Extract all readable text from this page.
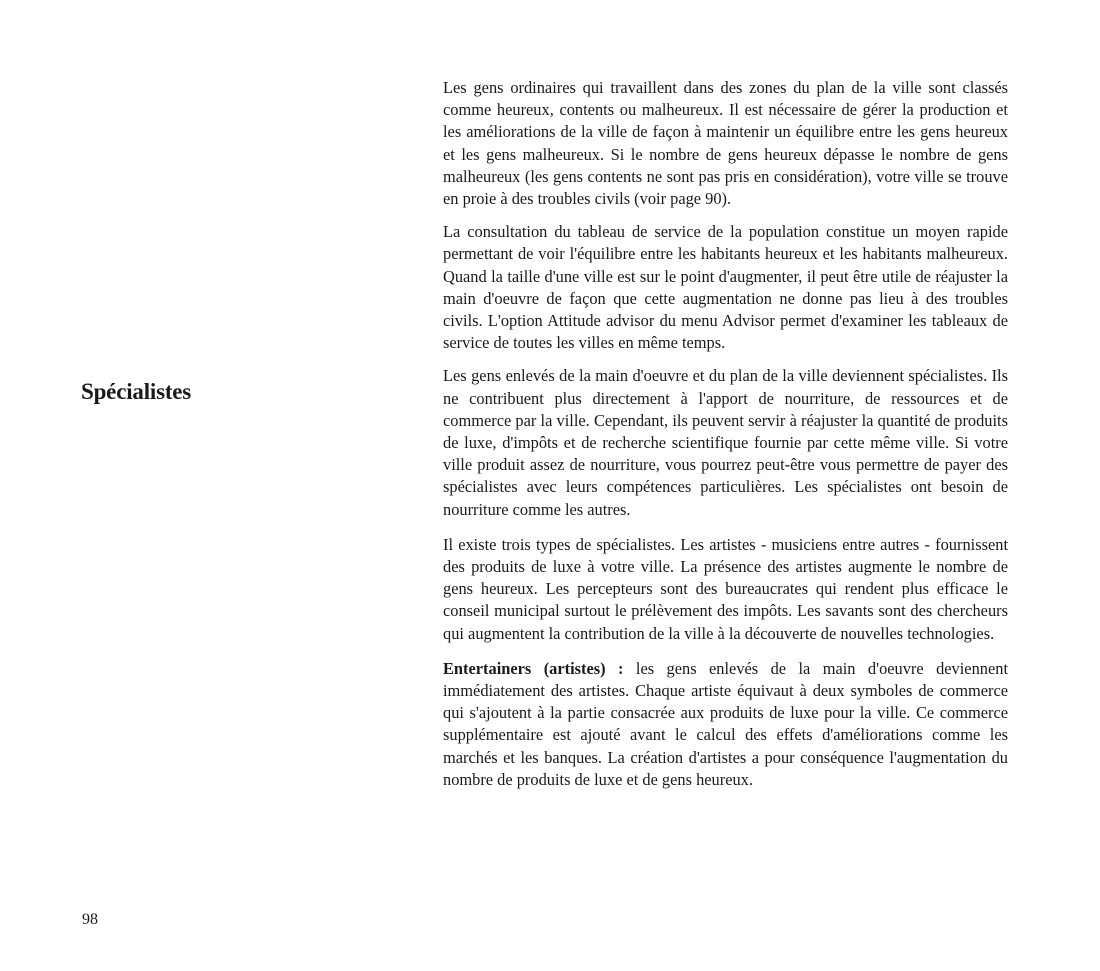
Spécialistes

Les gens ordinaires qui travaillent dans des zones du plan de la ville sont classés comme heureux, contents ou malheureux. Il est nécessaire de gérer la production et les améliorations de la ville de façon à maintenir un équilibre entre les gens heureux et les gens malheureux. Si le nombre de gens heureux dépasse le nombre de gens malheureux (les gens contents ne sont pas pris en considération), votre ville se trouve en proie à des troubles civils (voir page 90).

La consultation du tableau de service de la population constitue un moyen rapide permettant de voir l'équilibre entre les habitants heureux et les habitants malheureux. Quand la taille d'une ville est sur le point d'augmenter, il peut être utile de réajuster la main d'oeuvre de façon que cette augmentation ne donne pas lieu à des troubles civils. L'option Attitude advisor du menu Advisor permet d'examiner les tableaux de service de toutes les villes en même temps.

Les gens enlevés de la main d'oeuvre et du plan de la ville deviennent spécialistes. Ils ne contribuent plus directement à l'apport de nourriture, de ressources et de commerce par la ville. Cependant, ils peuvent servir à réajuster la quantité de produits de luxe, d'impôts et de recherche scientifique fournie par cette même ville. Si votre ville produit assez de nourriture, vous pourrez peut-être vous permettre de payer des spécialistes avec leurs compétences particulières. Les spécialistes ont besoin de nourriture comme les autres.

Il existe trois types de spécialistes. Les artistes - musiciens entre autres - fournissent des produits de luxe à votre ville. La présence des artistes augmente le nombre de gens heureux. Les percepteurs sont des bureaucrates qui rendent plus efficace le conseil municipal surtout le prélèvement des impôts. Les savants sont des chercheurs qui augmentent la contribution de la ville à la découverte de nouvelles technologies.

Entertainers (artistes) : les gens enlevés de la main d'oeuvre deviennent immédiatement des artistes. Chaque artiste équivaut à deux symboles de commerce qui s'ajoutent à la partie consacrée aux produits de luxe pour la ville. Ce commerce supplémentaire est ajouté avant le calcul des effets d'améliorations comme les marchés et les banques. La création d'artistes a pour conséquence l'augmentation du nombre de produits de luxe et de gens heureux.

98
